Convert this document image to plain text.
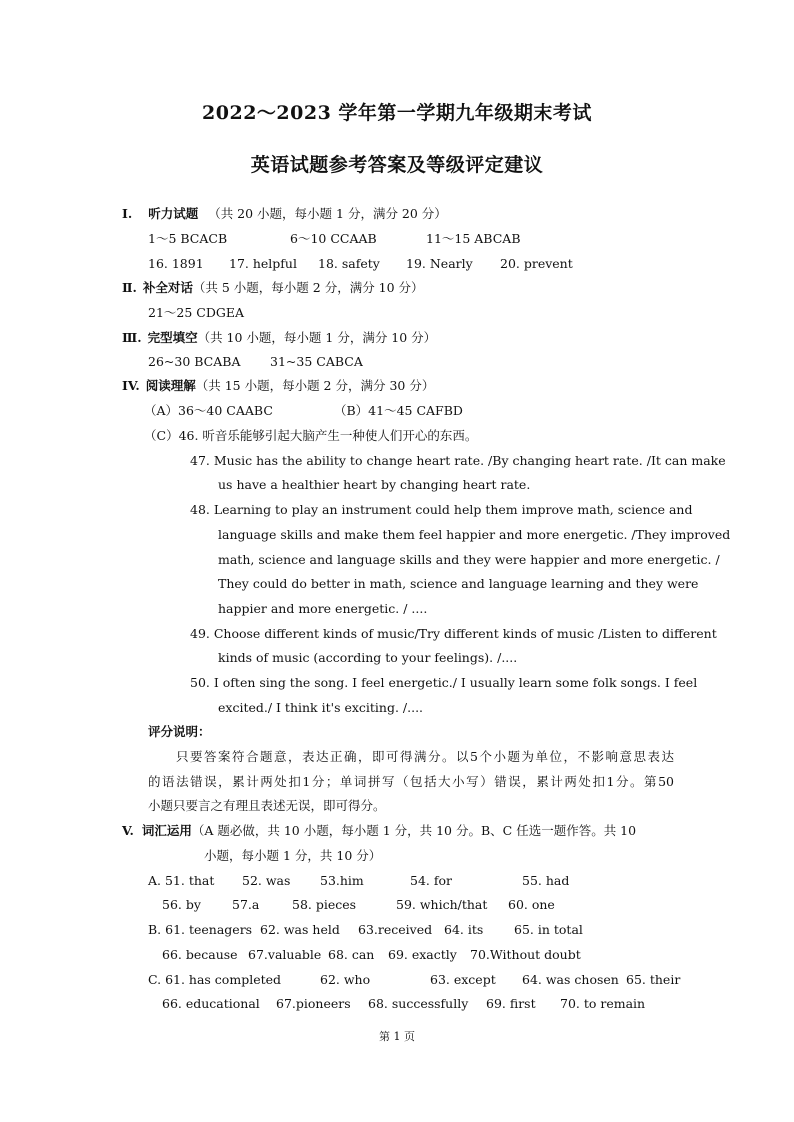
2022～2023 学年第一学期九年级期末考试
英语试题参考答案及等级评定建议
I. 听力试题 （共 20 小题，每小题 1 分，满分 20 分）
1～5 BCACB	6～10 CCAAB	11～15 ABCAB
16. 1891 17. helpful 18. safety 19. Nearly 20. prevent
Ⅱ. 补全对话（共 5 小题，每小题 2 分，满分 10 分）
21～25 CDGEA
Ⅲ. 完型填空（共 10 小题，每小题 1 分，满分 10 分）
26~30 BCABA 31~35 CABCA
IV. 阅读理解（共 15 小题，每小题 2 分，满分 30 分）
（A）36～40 CAABC	（B）41～45 CAFBD
（C）46. 听音乐能够引起大脑产生一种使人们开心的东西。
47. Music has the ability to change heart rate. /By changing heart rate. /It can make
us have a healthier heart by changing heart rate.
48. Learning to play an instrument could help them improve math, science and
language skills and make them feel happier and more energetic. /They improved
math, science and language skills and they were happier and more energetic. /
They could do better in math, science and language learning and they were
happier and more energetic. / ....
49. Choose different kinds of music/Try different kinds of music /Listen to different
kinds of music (according to your feelings). /....
50. I often sing the song. I feel energetic./ I usually learn some folk songs. I feel
excited./ I think it's exciting. /....
评分说明：
只要答案符合题意，表达正确，即可得满分。以5个小题为单位，不影响意思表达
的语法错误，累计两处扣1分；单词拼写（包括大小写）错误，累计两处扣1分。第50
小题只要言之有理且表述无误，即可得分。
V. 词汇运用（A 题必做，共 10 小题，每小题 1 分，共 10 分。B、C 任选一题作答。共 10
小题，每小题 1 分，共 10 分）
A. 51. that 52. was 53.him	54. for	55. had
56. by 57.a	58. pieces	59. which/that 60. one
B. 61. teenagers 62. was held 63.received 64. its 65. in total
66. because 67.valuable 68. can 69. exactly 70.Without doubt
C. 61. has completed	62. who	63. except 64. was chosen 65. their
66. educational 67.pioneers 68. successfully 69. first 70. to remain
第 1 页
